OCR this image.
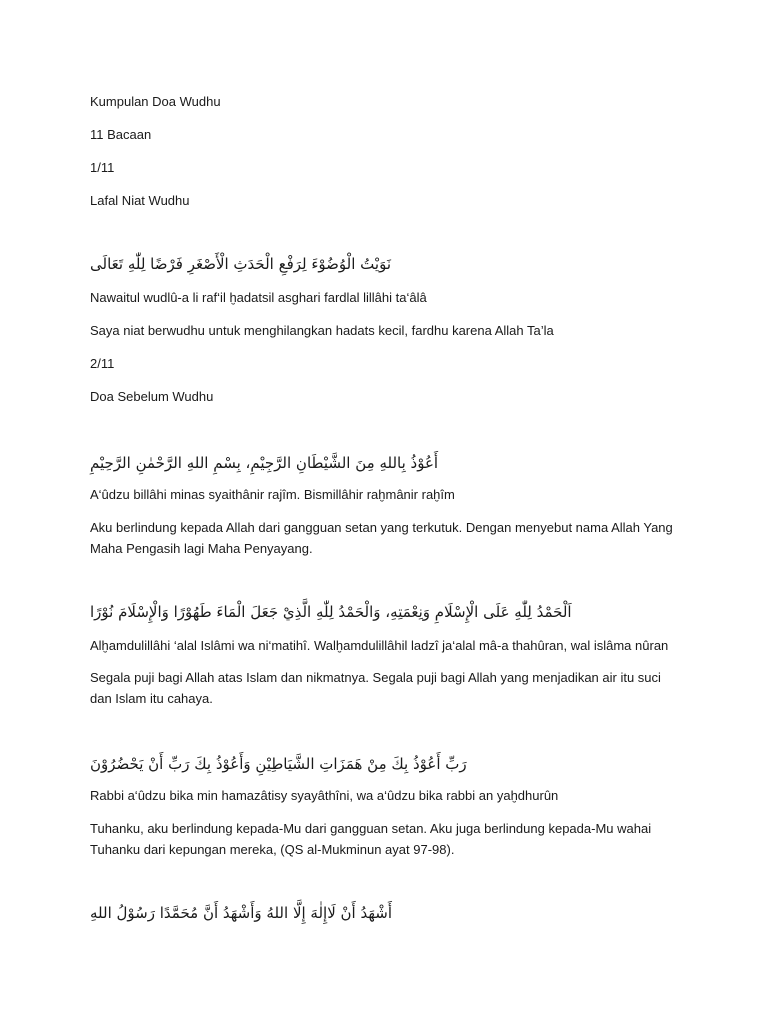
Kumpulan Doa Wudhu
11 Bacaan
1/11
Lafal Niat Wudhu
نَوَيْتُ الْوُضُوْءَ لِرَفْعِ الْحَدَثِ الْأَصْغَرِ فَرْضًا لِلّٰهِ تَعَالَى
Nawaitul wudlû-a li raf‘il ḫadatsil asghari fardlal lillâhi ta‘âlâ
Saya niat berwudhu untuk menghilangkan hadats kecil, fardhu karena Allah Ta’la
2/11
Doa Sebelum Wudhu
أَعُوْذُ بِاللهِ مِنَ الشَّيْطَانِ الرَّجِيْمِ، بِسْمِ اللهِ الرَّحْمٰنِ الرَّحِيْمِ
A‘ûdzu billâhi minas syaithânir rajîm. Bismillâhir raḫmânir raḫîm
Aku berlindung kepada Allah dari gangguan setan yang terkutuk. Dengan menyebut nama Allah Yang Maha Pengasih lagi Maha Penyayang.
اَلْحَمْدُ لِلّٰهِ عَلَى الْإِسْلَامِ وَنِعْمَتِهِ، وَالْحَمْدُ لِلّٰهِ الَّذِيْ جَعَلَ الْمَاءَ طَهُوْرًا وَالْإِسْلَامَ نُوْرًا
Alḫamdulillâhi ‘alal Islâmi wa ni‘matihî. Walḫamdulillâhil ladzî ja‘alal mâ-a thahûran, wal islâma nûran
Segala puji bagi Allah atas Islam dan nikmatnya. Segala puji bagi Allah yang menjadikan air itu suci dan Islam itu cahaya.
رَبِّ أَعُوْذُ بِكَ مِنْ هَمَزَاتِ الشَّيَاطِيْنِ وَأَعُوْذُ بِكَ رَبِّ أَنْ يَحْضُرُوْنَ
Rabbi a‘ûdzu bika min hamazâtisy syayâthîni, wa a‘ûdzu bika rabbi an yaḫdhurûn
Tuhanku, aku berlindung kepada-Mu dari gangguan setan. Aku juga berlindung kepada-Mu wahai Tuhanku dari kepungan mereka, (QS al-Mukminun ayat 97-98).
أَشْهَدُ أَنْ لَاإِلٰهَ إِلَّا اللهُ وَأَشْهَدُ أَنَّ مُحَمَّدًا رَسُوْلُ اللهِ
